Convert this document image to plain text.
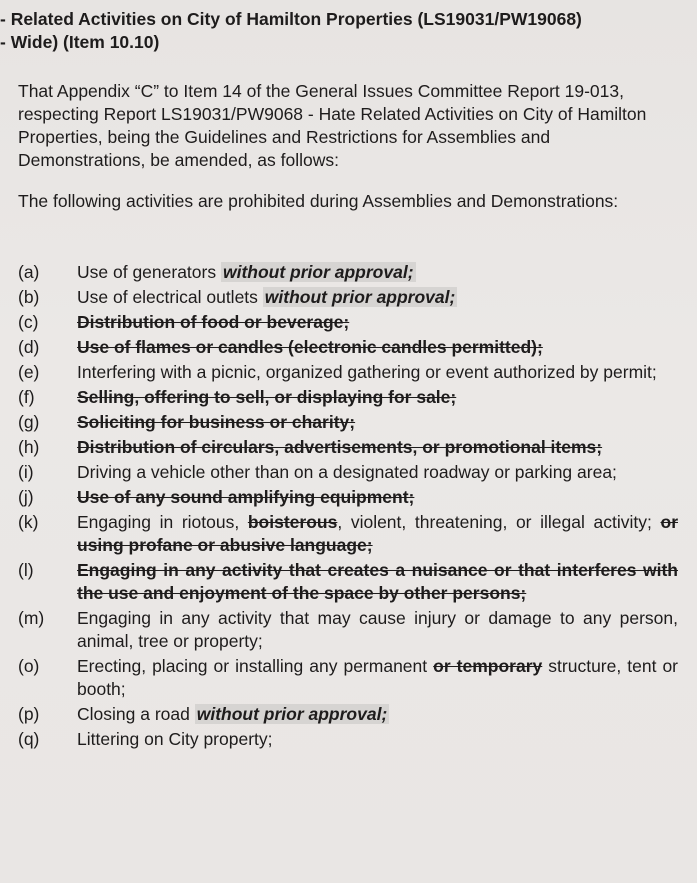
- Related Activities on City of Hamilton Properties (LS19031/PW19068)
- Wide) (Item 10.10)
That Appendix “C” to Item 14 of the General Issues Committee Report 19-013, respecting Report LS19031/PW9068 - Hate Related Activities on City of Hamilton Properties, being the Guidelines and Restrictions for Assemblies and Demonstrations, be amended, as follows:
The following activities are prohibited during Assemblies and Demonstrations:
(a) Use of generators without prior approval;
(b) Use of electrical outlets without prior approval;
(c) Distribution of food or beverage;
(d) Use of flames or candles (electronic candles permitted);
(e) Interfering with a picnic, organized gathering or event authorized by permit;
(f) Selling, offering to sell, or displaying for sale;
(g) Soliciting for business or charity;
(h) Distribution of circulars, advertisements, or promotional items;
(i) Driving a vehicle other than on a designated roadway or parking area;
(j) Use of any sound amplifying equipment;
(k) Engaging in riotous, boisterous, violent, threatening, or illegal activity; or using profane or abusive language;
(l) Engaging in any activity that creates a nuisance or that interferes with the use and enjoyment of the space by other persons;
(m) Engaging in any activity that may cause injury or damage to any person, animal, tree or property;
(o) Erecting, placing or installing any permanent or temporary structure, tent or booth;
(p) Closing a road without prior approval;
(q) Littering on City property;
